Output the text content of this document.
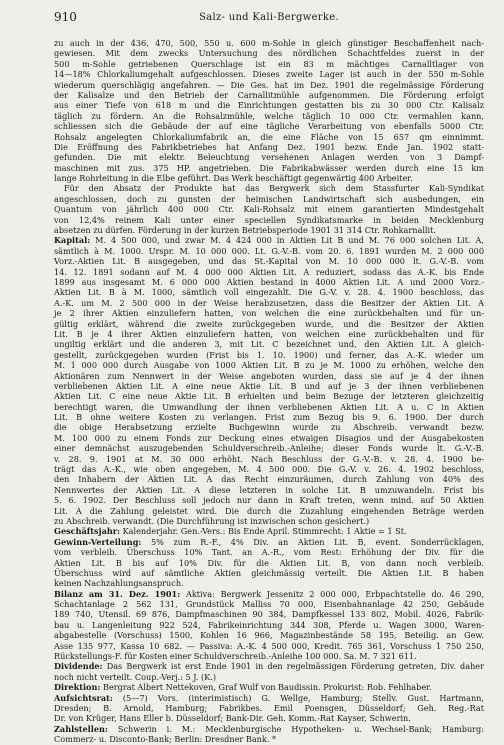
910	Salz- und Kali-Bergwerke.
zu auch in der 436, 470, 500, 550 u. 600 m-Sohle in gleich günstiger Beschaffenheit nach-
gewiesen. Mit dem zwecks Untersuchung des nördlichen Schachtfeldes zuerst in der
500 m-Sohle getriebenen Querschlage ist ein 83 m mächtiges Carnalltlager von
14—18% Chlorkaliumgehalt aufgeschlossen. Dieses zweite Lager ist auch in der 550 m-Sohle
wiederum querschlägig angefahren. — Die Ges. hat im Dez. 1901 die regelmässige Förderung
der Kalisalze und den Betrieb der Carnallitmühle aufgenommen. Die Förderung erfolgt
aus einer Tiefe von 618 m und die Einrichtungen gestatten bis zu 30 000 Ctr. Kalisalz
täglich zu fördern. An die Rohsalzmühle, welche täglich 10 000 Ctr. vermahlen kann,
schliessen sich die Gebäude der auf eine tägliche Verarbeitung von ebenfalls 5000 Ctr.
Rohsalz angelegten Chlorkaliumfabrik an, die eine Fläche von 15 657 qm einnimmt.
Die Eröffnung des Fabrikbetriebes hat Anfang Dez. 1901 bezw. Ende Jan. 1902 statt-
gefunden. Die mit elektr. Beleuchtung versehenen Anlagen werden von 3 Dampf-
maschinen mit zus. 375 HP. angetrieben. Die Fabrikabwässer werden durch eine 15 km
lange Rohrleitung in die Elbe geführt. Das Werk beschäftigt gegenwärtig 400 Arbeiter.
Für den Absatz der Produkte hat das Bergwerk sich dem Stassfurter Kali-Syndikat
angeschlossen, doch zu gunsten der heimischen Landwirtschaft sich ausbedungen, ein
Quantum von jährlich 400 000 Ctr. Kali-Rohsalz mit einem garantierten Mindestgehalt
von 12,4% reinem Kali unter einer speciellen Syndikatsmarke in beiden Mecklenburg
absetzen zu dürfen. Förderung in der kurzen Betriebsperiode 1901 31 314 Ctr. Rohkarnallit.
Kapital: M. 4 500 000, und zwar M. 4 424 000 in Aktien Lit B und M. 76 000 solchen Lit. A,
sämtlich à M. 1000. Urspr. M. 10 000 000. Lt. G.-V.-B. vom 20. 6. 1891 wurden M. 2 000 000
Vorz.-Aktien Lit. B ausgegeben, und das St.-Kapital von M. 10 000 000 lt. G.-V.-B. vom
14. 12. 1891 sodann auf M. 4 000 000 Aktien Lit. A reduziert, sodass das A.-K. bis Ende
1899 aus insgesamt M. 6 000 000 Aktien bestand in 4000 Aktien Lit. A und 2000 Vorz.-
Aktien Lit. B à M. 1000, sämtlich voll eingezahlt. Die G.-V. v. 28. 4. 1900 beschloss, das
A.-K. um M. 2 500 000 in der Weise herabzusetzen, dass die Besitzer der Aktien Lit. A
je 2 ihrer Aktien einzuliefern hatten, von welchen die eine zurückbehalten und für un-
gültig erklärt, während die zweite zurückgegeben wurde, und die Besitzer der Aktien
Lit. B je 4 ihrer Aktien einzuliefern hatten, von welchen eine zurückbehalten und für
ungiltig erklärt und die anderen 3, mit Lit. C bezeichnet und, den Aktien Lit. A gleich-
gestellt, zurückgegeben wurden (Frist bis 1. 10. 1900) und ferner, das A.-K. wieder um
M. 1 000 000 durch Ausgabe von 1000 Aktien Lit. B zu je M. 1000 zu erhöhen, welche den
Aktionären zum Nennwert in der Weise angeboten wurden, dass sie auf je 4 der ihnen
verbliebenen Aktien Lit. A eine neue Aktie Lit. B und auf je 3 der ihnen verbliebenen
Aktien Lit. C eine neue Aktie Lit. B erhielten und beim Bezuge der letzteren gleichzeitig
berechtigt waren, die Umwandlung der ihnen verbliebenen Aktien Lit. A u. C in Aktien
Lit. B ohne weitere Kosten zu verlangen. Frist zum Bezug bis 9. 6. 1900. Der durch
die obige Herabsetzung erzielte Buchgewinn wurde zu Abschreib. verwandt bezw.
M. 100 000 zu einem Fonds zur Deckung eines etwaigen Disagios und der Ausgabekosten
einer demnächst auszugebenden Schuldverschreib.-Anleihe; dieser Fonds wurde lt. G.-V.-B.
v. 28. 9. 1901 at M. 30 000 erhöht. Nach Beschluss der G.-V.-B. v. 28. 4. 1900 be-
trägt das A.-K., wie oben angegeben, M. 4 500 000. Die G.-V. v. 26. 4. 1902 beschloss,
den Inhabern der Aktien Lit. A das Recht einzuräumen, durch Zahlung von 40% des
Nennwertes der Aktien Lit. A diese letzteren in solche Lit. B umzuwandeln. Frist bis
5. 6. 1902. Der Beschluss soll jedoch nur dann in Kraft treten, wenn mind. auf 50 Aktien
Lit. A die Zahlung geleistet wird. Die durch die Zuzahlung eingehenden Beträge werden
zu Abschreib. verwandt. (Die Durchführung ist inzwischen schon gesichert.)
Geschäftsjahr: Kalenderjahr. Gen.-Vers.: Bis Ende April. Stimmrecht: 1 Aktie = 1 St.
Gewinn-Verteilung: 5% zum R.-F., 4% Div. an Aktien Lit. B, event. Sonderrücklagen,
vom verbleib. Überschuss 10% Tant. an A.-R., vom Rest: Erhöhung der Div. für die
Aktien Lit. B bis auf 10% Div. für die Aktien Lit. B, von dann noch verbleib.
Überschuss wird auf sämtliche Aktien gleichmässig verteilt. Die Aktien Lit. B haben
keinen Nachzahlungsanspruch.
Bilanz am 31. Dez. 1901: Aktiva: Bergwerk Jessenitz 2 000 000, Erbpachtstelle do. 46 290,
Schachtanlage 2 562 131, Grundstück Malliss 70 000, Eisenbahnanlage 42 250, Gebäude
189 740, Utensil. 69 876, Dampfmaschinen 90 384, Dampfkessel 133 802, Mobil. 4026, Fabrik-
bau u. Langenleitung 922 524, Fabrikeinrichtung 344 308, Pferde u. Wagen 3000, Waren-
abgabestelle (Vorschuss) 1500, Kohlen 16 966, Magazinbestände 58 195, Beteilig. an Gew.
Asse 135 977, Kassa 10 682. — Passiva: A.-K. 4 500 000, Kredit. 765 361, Vorschuss 1 750 250,
Rückstellungs-F. für Kosten einer Schuldverschreib.-Anleihe 100 000. Sa. M. 7 321 611.
Dividende: Das Bergwerk ist erst Ende 1901 in den regelmässigen Förderung getreten, Div. daher
noch nicht verteilt. Coup.-Verj.: 5 J. (K.)
Direktion: Bergrat Albert Nettekoven, Graf Wulf von Baudissin. Prokurist: Rob. Fehlhaber.
Aufsichtsrat: (5—7) Vors. (interimistisch) G. Wellge, Hamburg; Stellv. Gust. Hartmann,
Dresden; B. Arnold, Hamburg; Fabrikbes. Emil Poensgen, Düsseldorf; Geh. Reg.-Rat
Dr. von Krüger, Hans Eller b. Düsseldorf; Bank-Dir. Geh. Komm.-Rat Kayser, Schwerin.
Zahlstellen: Schwerin i. M.: Mecklenburgische Hypotheken- u. Wechsel-Bank; Hamburg:
Commerz- u. Disconto-Bank; Berlin: Dresdner Bank. *
